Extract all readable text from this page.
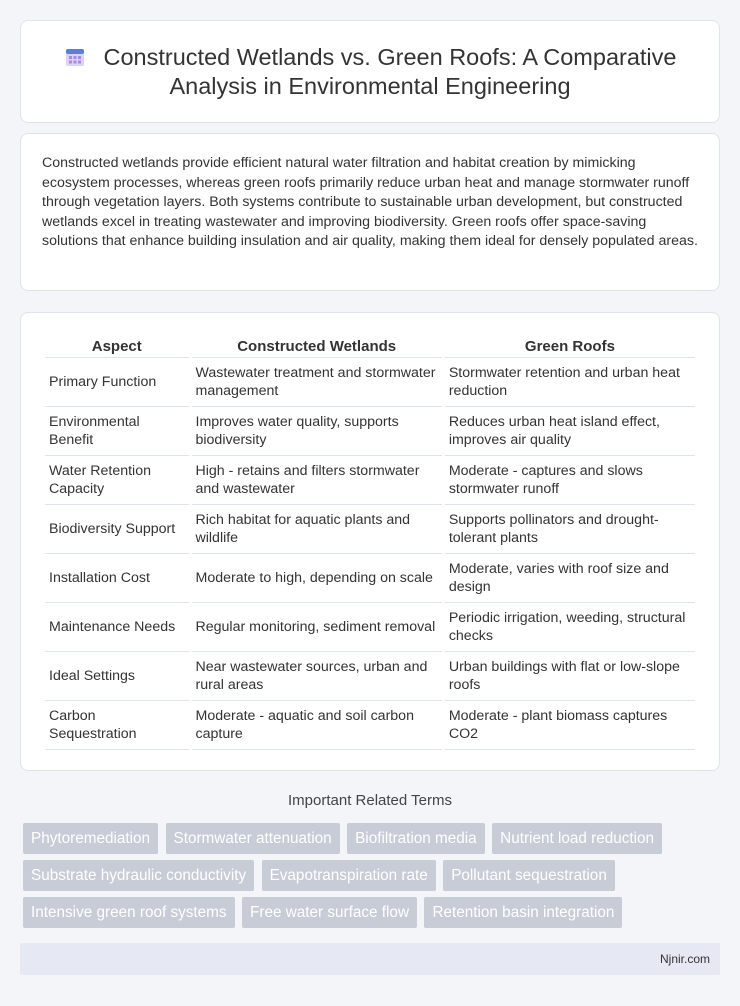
Constructed Wetlands vs. Green Roofs: A Comparative
Analysis in Environmental Engineering

Constructed wetlands provide efficient natural water filtration and habitat creation by mimicking ecosystem processes, whereas green roofs primarily reduce urban heat and manage stormwater runoff through vegetation layers. Both systems contribute to sustainable urban development, but constructed wetlands excel in treating wastewater and improving biodiversity. Green roofs offer space-saving solutions that enhance building insulation and air quality, making them ideal for densely populated areas.

Aspect	Constructed Wetlands	Green Roofs
Primary Function	Wastewater treatment and stormwater management	Stormwater retention and urban heat reduction
Environmental Benefit	Improves water quality, supports biodiversity	Reduces urban heat island effect, improves air quality
Water Retention Capacity	High - retains and filters stormwater and wastewater	Moderate - captures and slows stormwater runoff
Biodiversity Support	Rich habitat for aquatic plants and wildlife	Supports pollinators and drought-tolerant plants
Installation Cost	Moderate to high, depending on scale	Moderate, varies with roof size and design
Maintenance Needs	Regular monitoring, sediment removal	Periodic irrigation, weeding, structural checks
Ideal Settings	Near wastewater sources, urban and rural areas	Urban buildings with flat or low-slope roofs
Carbon Sequestration	Moderate - aquatic and soil carbon capture	Moderate - plant biomass captures CO2
Important Related Terms
Phytoremediation Stormwater attenuation Biofiltration media Nutrient load reduction Substrate hydraulic conductivity Evapotranspiration rate Pollutant sequestration Intensive green roof systems Free water surface flow Retention basin integration
Njnir.com
